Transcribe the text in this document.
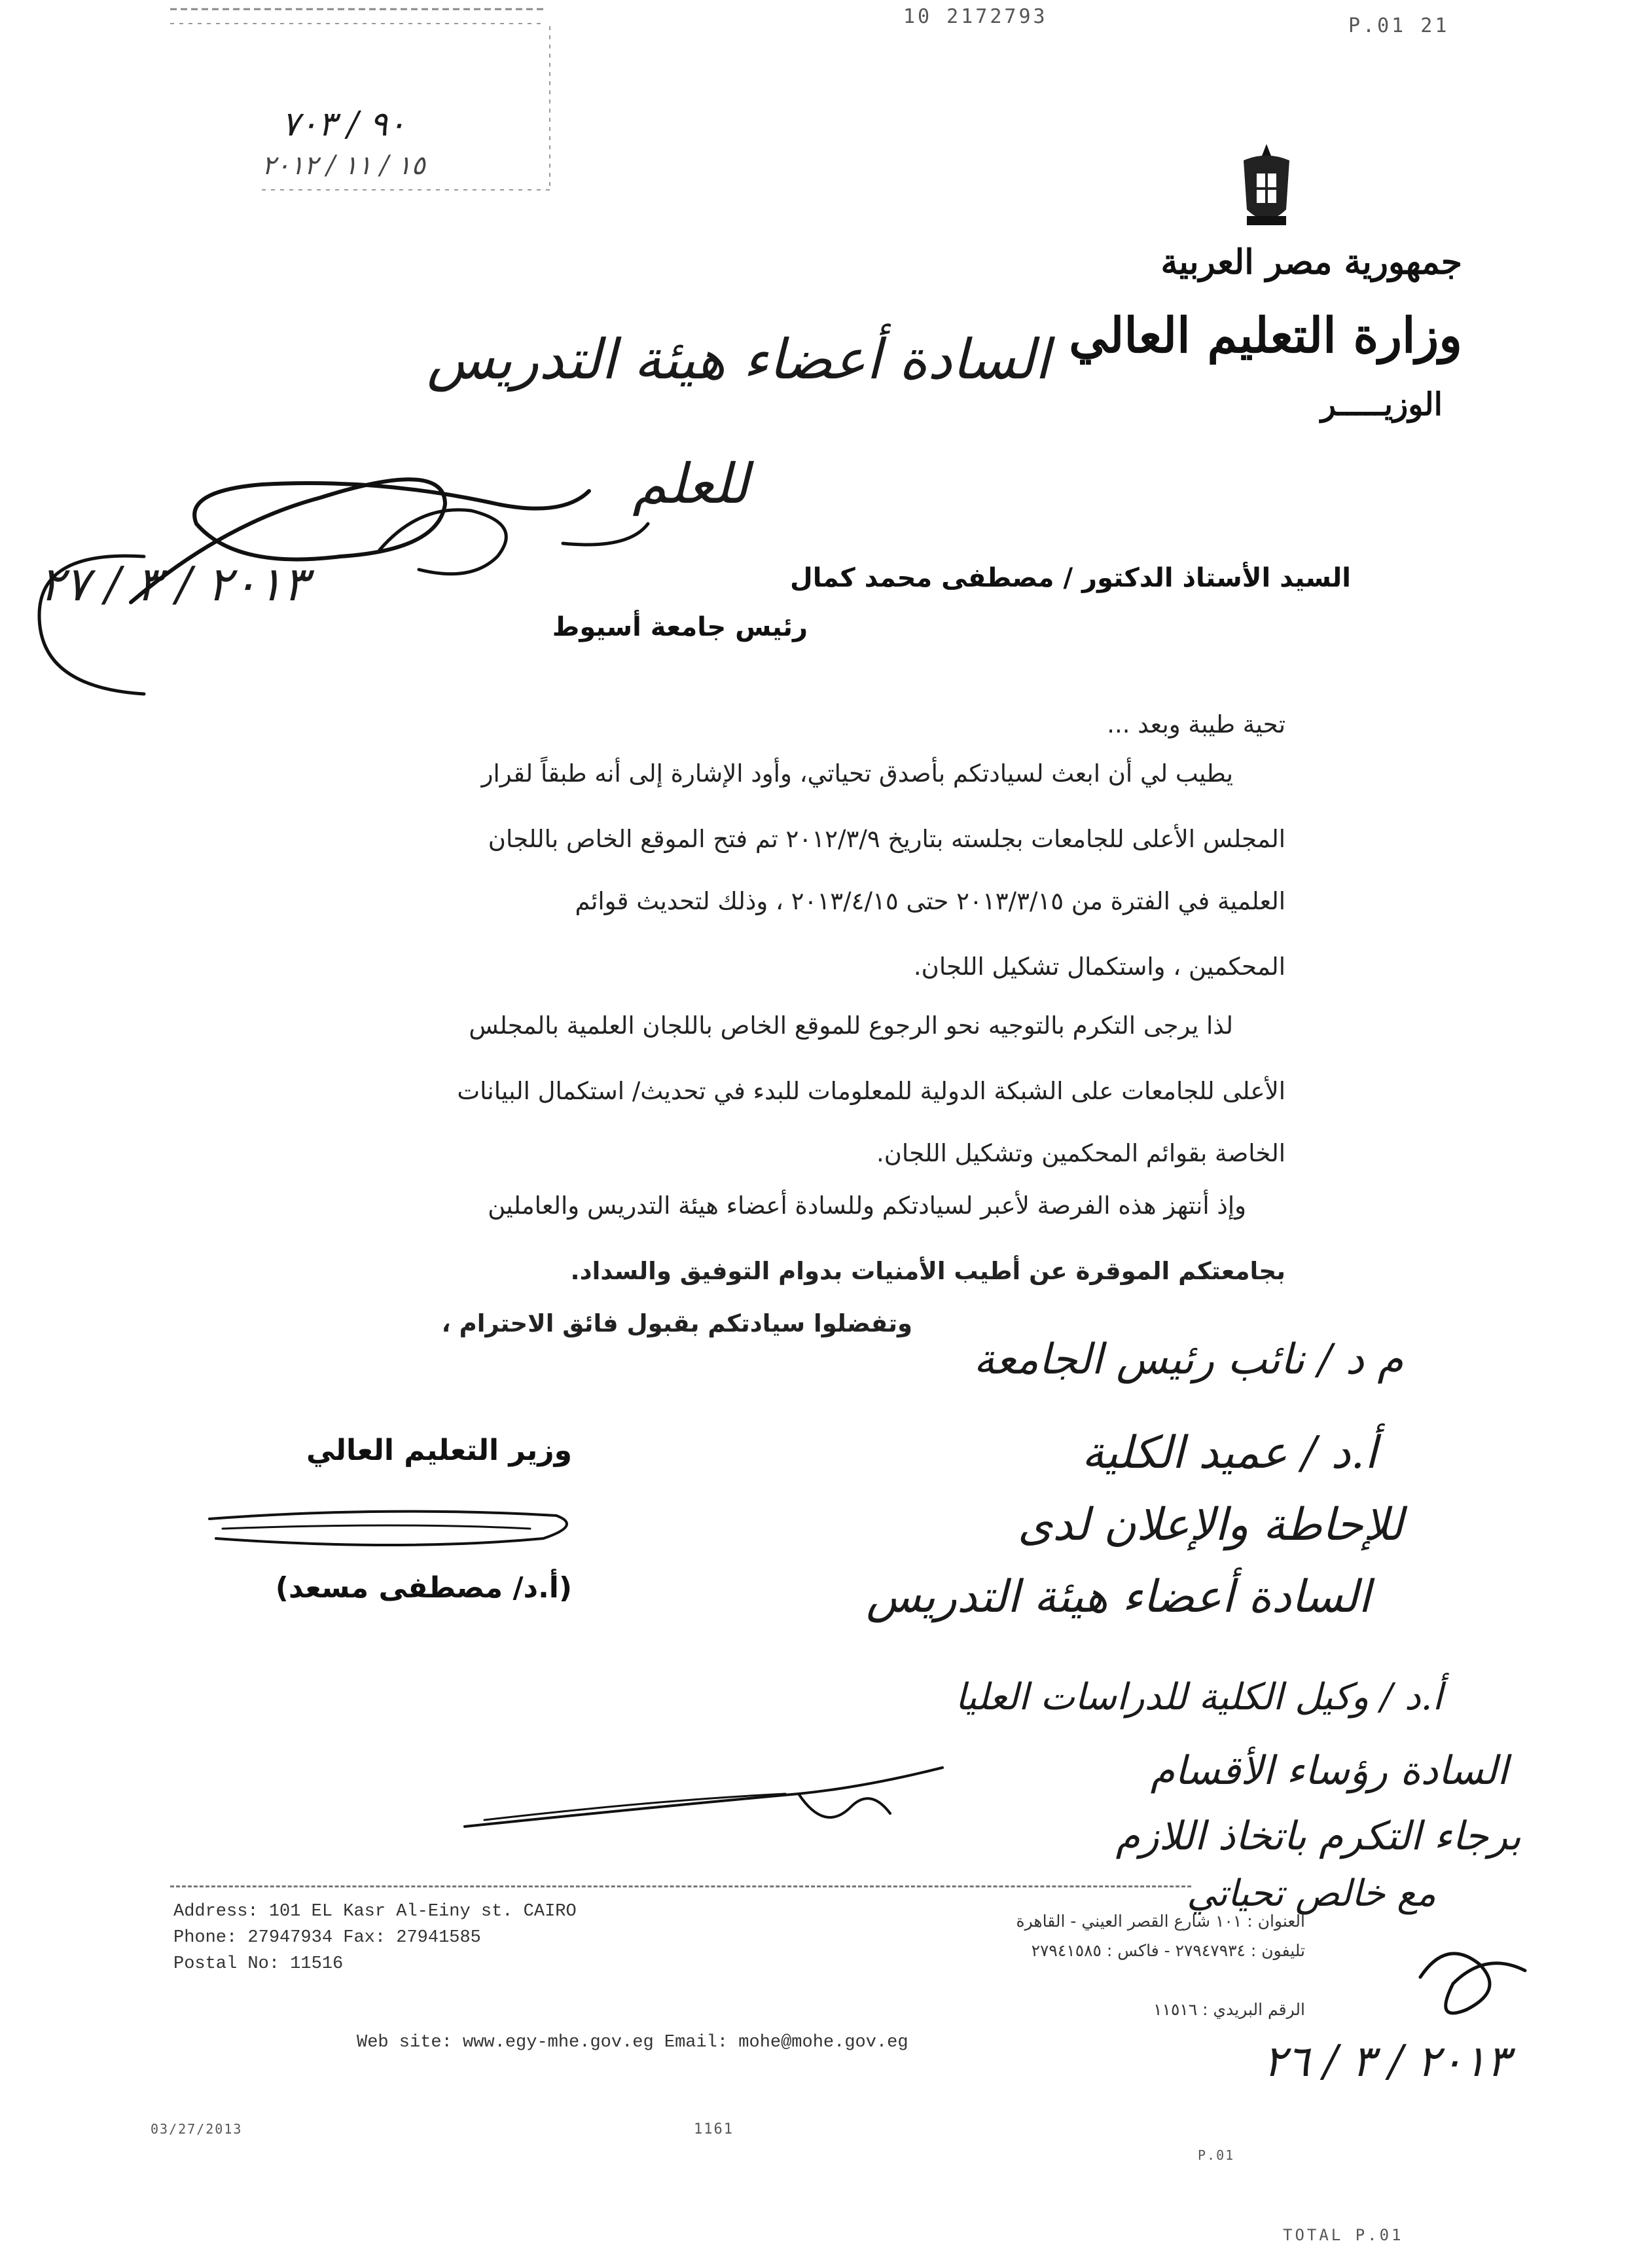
10 2172793	P.01 21
٩٠ / ٧٠٣
١٥ / ١١ / ٢٠١٢
جمهورية مصر العربية
وزارة التعليم العالي
الوزيـــــر
السادة أعضاء هيئة التدريس
للعلم
٢٠١٣ / ٣ / ٢٧	السيد الأستاذ الدكتور / مصطفى محمد كمال
رئيس جامعة أسيوط
تحية طيبة وبعد ...
يطيب لي أن ابعث لسيادتكم بأصدق تحياتي، وأود الإشارة إلى أنه طبقاً لقرار
المجلس الأعلى للجامعات بجلسته بتاريخ ٢٠١٢/٣/٩ تم فتح الموقع الخاص باللجان
العلمية في الفترة من ٢٠١٣/٣/١٥ حتى ٢٠١٣/٤/١٥ ، وذلك لتحديث قوائم
المحكمين ، واستكمال تشكيل اللجان.
لذا يرجى التكرم بالتوجيه نحو الرجوع للموقع الخاص باللجان العلمية بالمجلس
الأعلى للجامعات على الشبكة الدولية للمعلومات للبدء في تحديث/ استكمال البيانات
الخاصة بقوائم المحكمين وتشكيل اللجان.
وإذ أنتهز هذه الفرصة لأعبر لسيادتكم وللسادة أعضاء هيئة التدريس والعاملين
بجامعتكم الموقرة عن أطيب الأمنيات بدوام التوفيق والسداد.
وتفضلوا سيادتكم بقبول فائق الاحترام ،
وزير التعليم العالي
(أ.د/ مصطفى مسعد)
م د / نائب رئيس الجامعة
أ.د / عميد الكلية
للإحاطة والإعلان لدى
السادة أعضاء هيئة التدريس
أ.د / وكيل الكلية للدراسات العليا
السادة رؤساء الأقسام
برجاء التكرم باتخاذ اللازم
مع خالص تحياتي
٢٠١٣ / ٣ / ٢٦
Address: 101 EL Kasr Al-Einy st. CAIRO
Phone: 27947934 Fax: 27941585
Postal No: 11516
العنوان : ١٠١ شارع القصر العيني - القاهرة
تليفون : ٢٧٩٤٧٩٣٤ - فاكس : ٢٧٩٤١٥٨٥
الرقم البريدي : ١١٥١٦
Web site: www.egy-mhe.gov.eg Email: mohe@mohe.gov.eg
03/27/2013	1161
P.01
TOTAL P.01
